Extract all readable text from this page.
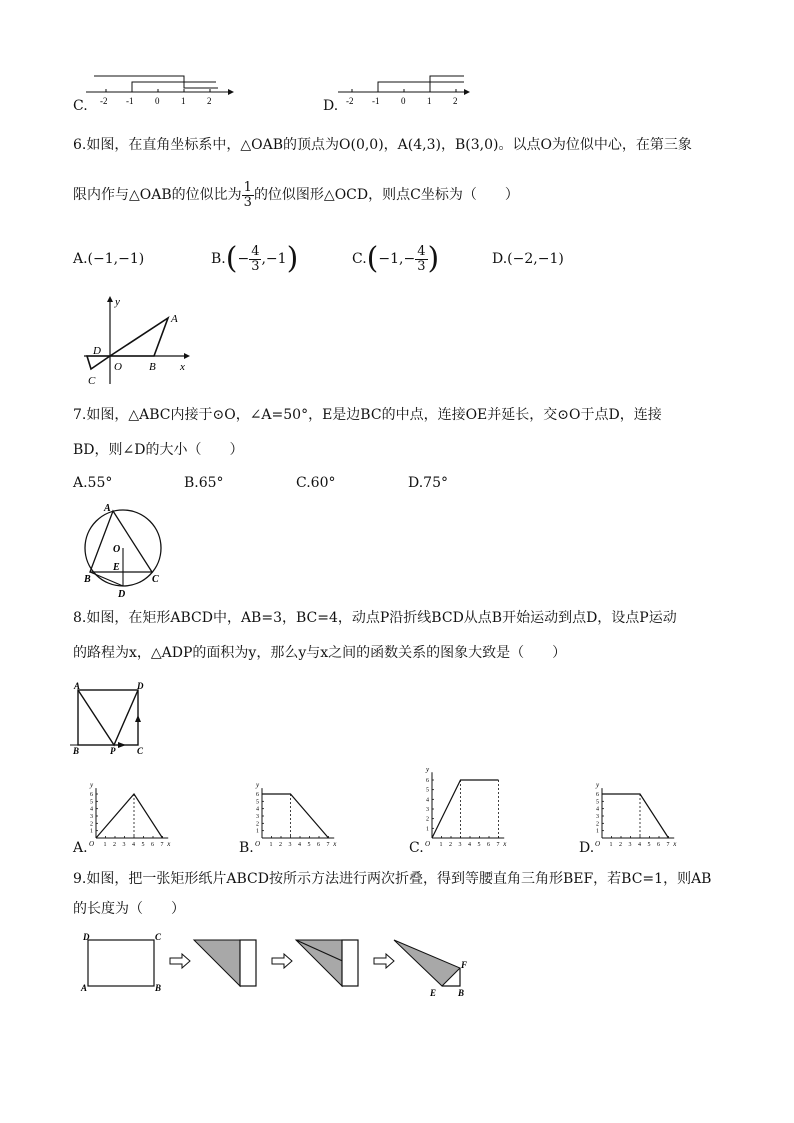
C. -2 -1 0 1 2	D. -2 -1 0 1 2
6.如图，在直角坐标系中，△OAB的顶点为O(0,0)，A(4,3)，B(3,0)。以点O为位似中心，在第三象
限内作与△OAB的位似比为 $\frac{1}{3}$ 的位似图形△OCD，则点C坐标为（　　）
A.(−1,−1)	B. ( − $\frac{4}{3} ,-1$ )	C. ( $-1,- \frac{4}{3}$ )	D.(−2,−1)
y
A
D
O B x
C
7.如图，△ABC内接于⊙O，∠A=50°，E是边BC的中点，连接OE并延长，交⊙O于点D，连接
BD，则∠D的大小（　　）
A.55°	B.65°	C.60°	D.75°
A
O
E
B	C
D
8.如图，在矩形ABCD中，AB=3，BC=4，动点P沿折线BCD从点B开始运动到点D，设点P运动
的路程为x，△ADP的面积为y，那么y与x之间的函数关系的图象大致是（　　）
A	D
B	P C
A.	1 2 3 4 5 6 7
1
2
3
4
5
6
y
x
O	B.	1 2 3 4 5 6 7
1
2
3
4
5
6
y
x
O	C.	1 2 3 4 5 6 7
1
2
3
4
5
6
y
x
O	D.	1 2 3 4 5 6 7
1
2
3
4
5
6
y
x
O
9.如图，把一张矩形纸片ABCD按所示方法进行两次折叠，得到等腰直角三角形BEF，若BC=1，则AB
的长度为（　　）
D	C
A	B
F
E B
